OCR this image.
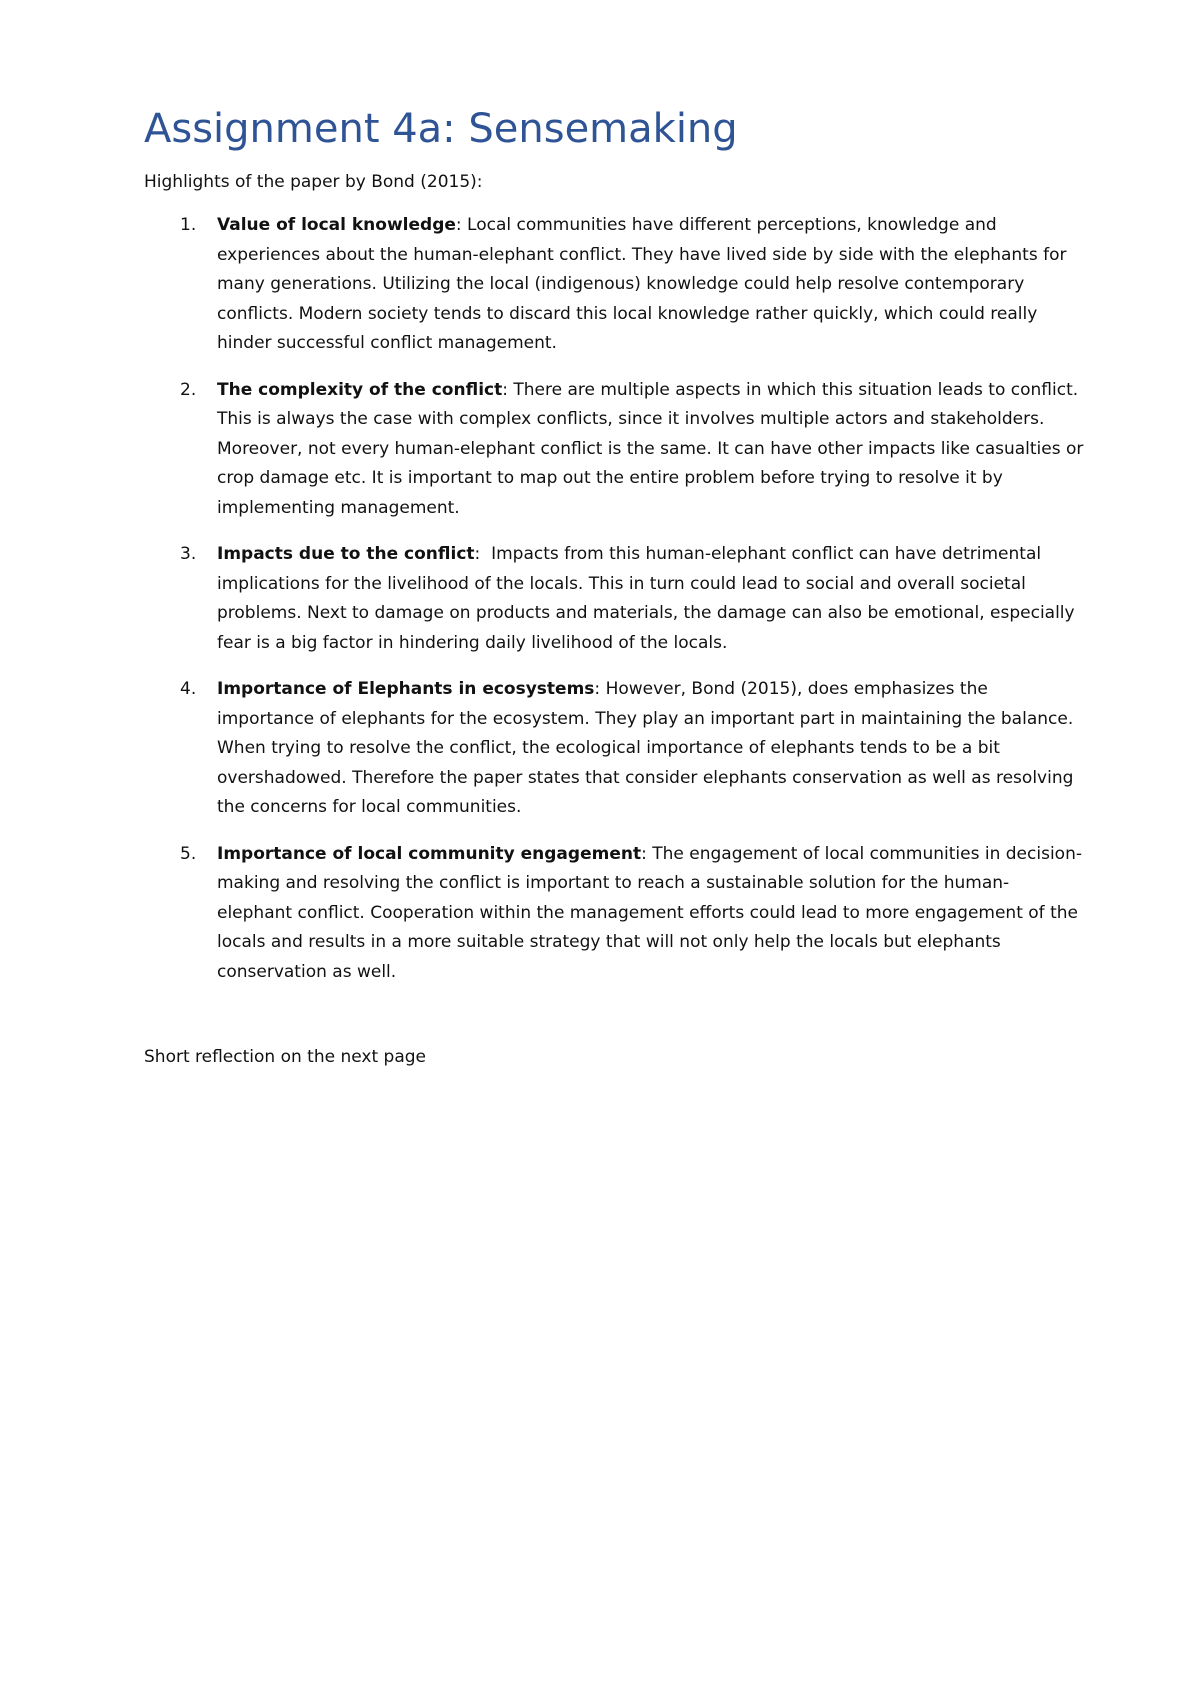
Assignment 4a: Sensemaking

Highlights of the paper by Bond (2015):

1. Value of local knowledge: Local communities have different perceptions, knowledge and experiences about the human-elephant conflict. They have lived side by side with the elephants for many generations. Utilizing the local (indigenous) knowledge could help resolve contemporary conflicts. Modern society tends to discard this local knowledge rather quickly, which could really hinder successful conflict management.
2. The complexity of the conflict: There are multiple aspects in which this situation leads to conflict. This is always the case with complex conflicts, since it involves multiple actors and stakeholders. Moreover, not every human-elephant conflict is the same. It can have other impacts like casualties or crop damage etc. It is important to map out the entire problem before trying to resolve it by implementing management.
3. Impacts due to the conflict:  Impacts from this human-elephant conflict can have detrimental implications for the livelihood of the locals. This in turn could lead to social and overall societal problems. Next to damage on products and materials, the damage can also be emotional, especially fear is a big factor in hindering daily livelihood of the locals.
4. Importance of Elephants in ecosystems: However, Bond (2015), does emphasizes the importance of elephants for the ecosystem. They play an important part in maintaining the balance. When trying to resolve the conflict, the ecological importance of elephants tends to be a bit overshadowed. Therefore the paper states that consider elephants conservation as well as resolving the concerns for local communities.
5. Importance of local community engagement: The engagement of local communities in decision-making and resolving the conflict is important to reach a sustainable solution for the human-elephant conflict. Cooperation within the management efforts could lead to more engagement of the locals and results in a more suitable strategy that will not only help the locals but elephants conservation as well.

Short reflection on the next page
